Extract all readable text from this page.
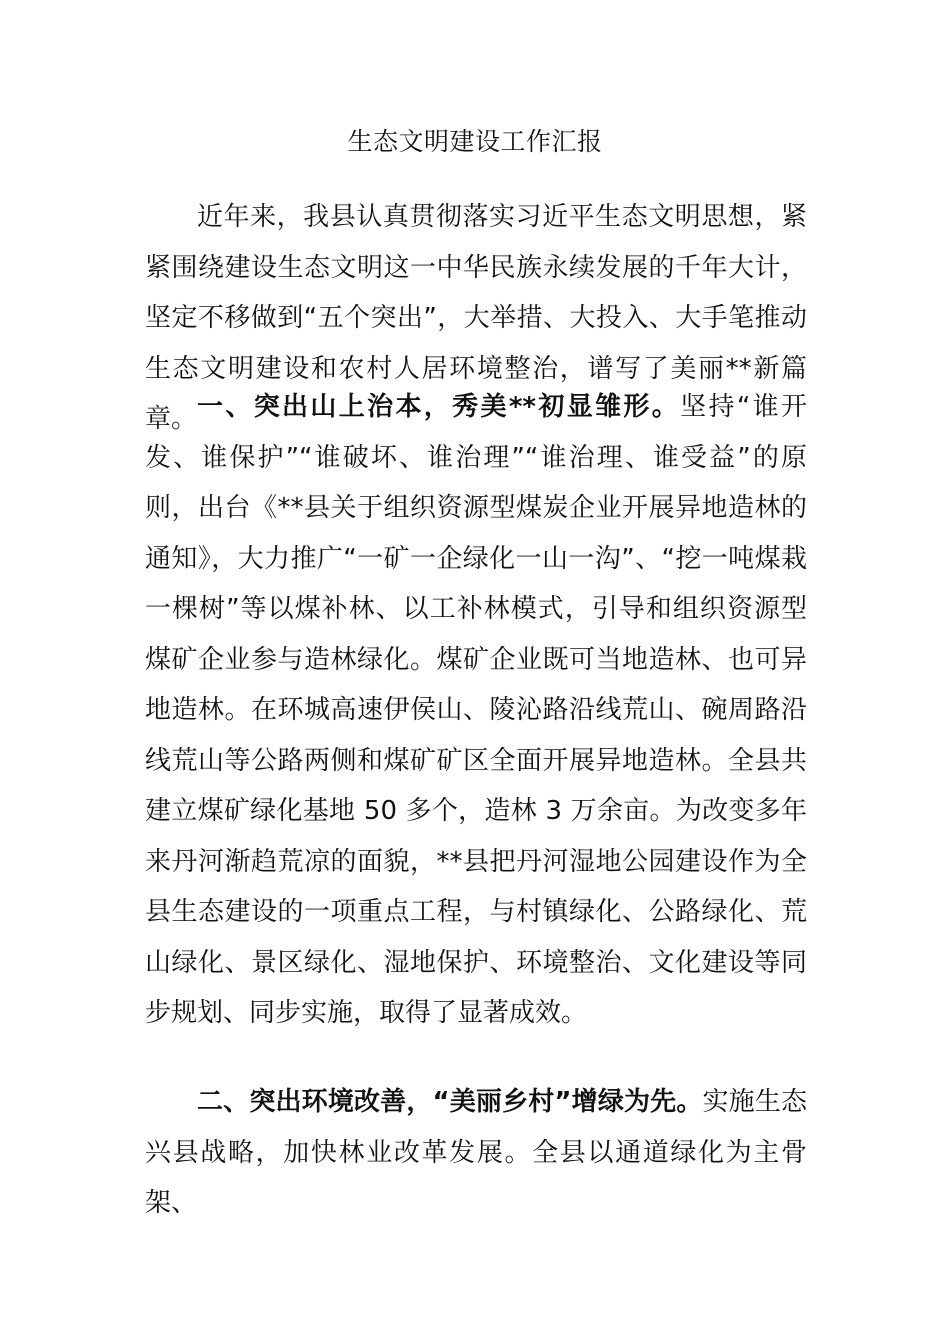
生态文明建设工作汇报

近年来，我县认真贯彻落实习近平生态文明思想，紧紧围绕建设生态文明这一中华民族永续发展的千年大计，坚定不移做到“五个突出”，大举措、大投入、大手笔推动生态文明建设和农村人居环境整治，谱写了美丽**新篇章。 一、突出山上治本，秀美**初显雏形。坚持“谁开发、谁保护”“谁破坏、谁治理”“谁治理、谁受益”的原则，出台《**县关于组织资源型煤炭企业开展异地造林的通知》，大力推广“一矿一企绿化一山一沟”、“挖一吨煤栽一棵树”等以煤补林、以工补林模式，引导和组织资源型煤矿企业参与造林绿化。煤矿企业既可当地造林、也可异地造林。在环城高速伊侯山、陵沁路沿线荒山、碗周路沿线荒山等公路两侧和煤矿矿区全面开展异地造林。全县共建立煤矿绿化基地 50 多个，造林 3 万余亩。为改变多年来丹河渐趋荒凉的面貌，**县把丹河湿地公园建设作为全县生态建设的一项重点工程，与村镇绿化、公路绿化、荒山绿化、景区绿化、湿地保护、环境整治、文化建设等同步规划、同步实施，取得了显著成效。

二、突出环境改善，“美丽乡村”增绿为先。实施生态兴县战略，加快林业改革发展。全县以通道绿化为主骨架、
